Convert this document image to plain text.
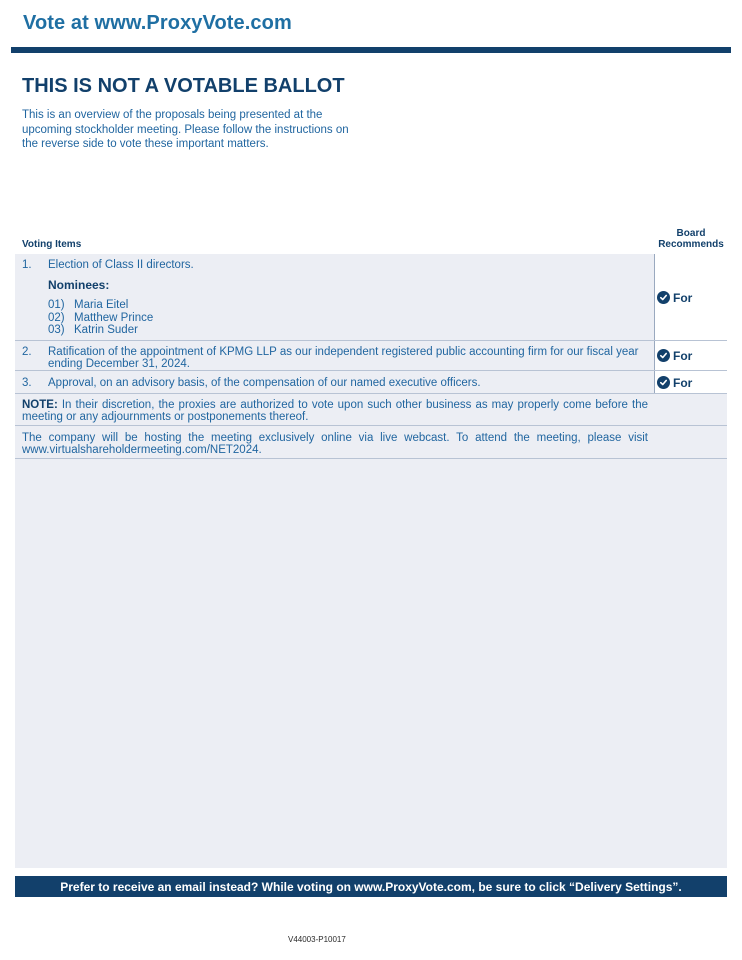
Vote at www.ProxyVote.com
THIS IS NOT A VOTABLE BALLOT
This is an overview of the proposals being presented at the
upcoming stockholder meeting. Please follow the instructions on
the reverse side to vote these important matters.
Voting Items
Board
Recommends
1. Election of Class II directors.
Nominees:
01) Maria Eitel
02) Matthew Prince
03) Katrin Suder
For
2. Ratification of the appointment of KPMG LLP as our independent registered public accounting firm for our fiscal year
ending December 31, 2024.
For
3. Approval, on an advisory basis, of the compensation of our named executive officers.	For
NOTE: In their discretion, the proxies are authorized to vote upon such other business as may properly come before the
meeting or any adjournments or postponements thereof.
The company will be hosting the meeting exclusively online via live webcast. To attend the meeting, please visit
www.virtualshareholdermeeting.com/NET2024.
Prefer to receive an email instead? While voting on www.ProxyVote.com, be sure to click “Delivery Settings”.
V44003-P10017
